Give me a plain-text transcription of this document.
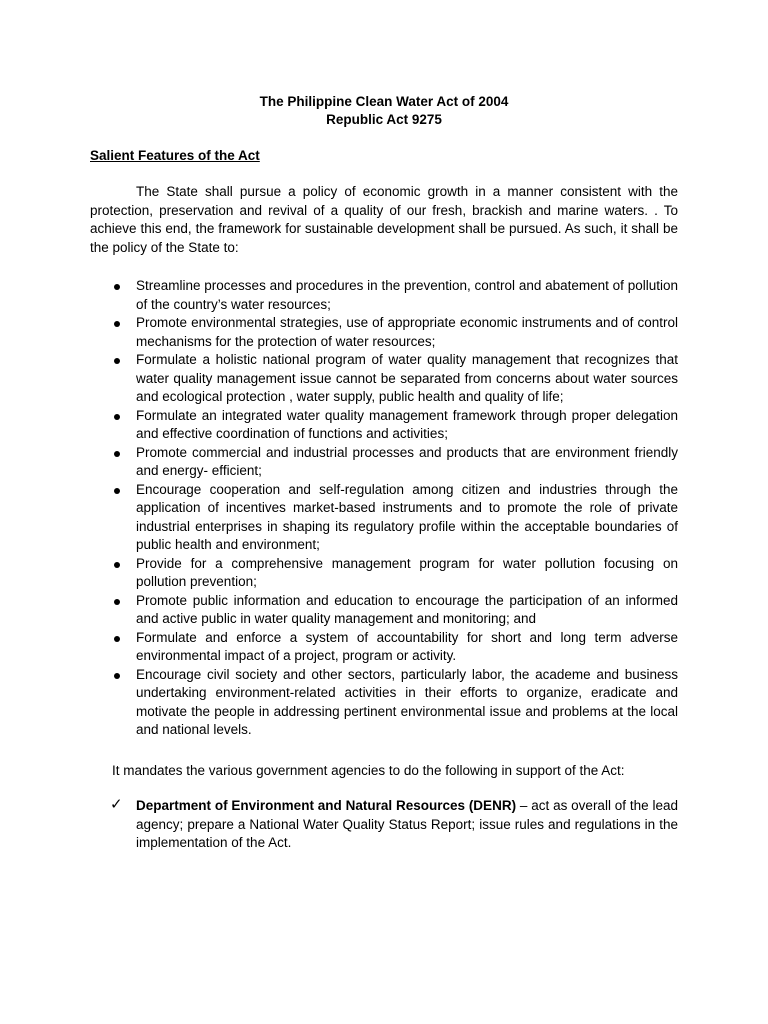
The Philippine Clean Water Act of 2004
Republic Act 9275
Salient Features of the Act

The State shall pursue a policy of economic growth in a manner consistent with the protection, preservation and revival of a quality of our fresh, brackish and marine waters. . To achieve this end, the framework for sustainable development shall be pursued. As such, it shall be the policy of the State to:

Streamline processes and procedures in the prevention, control and abatement of pollution of the country’s water resources;
Promote environmental strategies, use of appropriate economic instruments and of control mechanisms for the protection of water resources;
Formulate a holistic national program of water quality management that recognizes that water quality management issue cannot be separated from concerns about water sources and ecological protection , water supply, public health and quality of life;
Formulate an integrated water quality management framework through proper delegation and effective coordination of functions and activities;
Promote commercial and industrial processes and products that are environment friendly and energy- efficient;
Encourage cooperation and self-regulation among citizen and industries through the application of incentives market-based instruments and to promote the role of private industrial enterprises in shaping its regulatory profile within the acceptable boundaries of public health and environment;
Provide for a comprehensive management program for water pollution focusing on pollution prevention;
Promote public information and education to encourage the participation of an informed and active public in water quality management and monitoring; and
Formulate and enforce a system of accountability for short and long term adverse environmental impact of a project, program or activity.
Encourage civil society and other sectors, particularly labor, the academe and business undertaking environment-related activities in their efforts to organize, eradicate and motivate the people in addressing pertinent environmental issue and problems at the local and national levels.
It mandates the various government agencies to do the following in support of the Act:
✓ Department of Environment and Natural Resources (DENR) – act as overall of the lead agency; prepare a National Water Quality Status Report; issue rules and regulations in the implementation of the Act.
